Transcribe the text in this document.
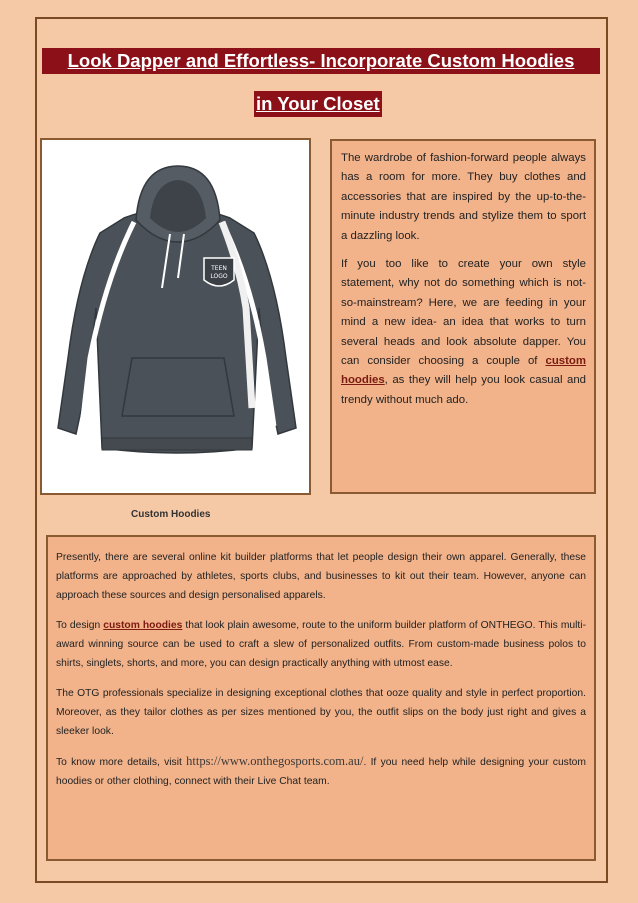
Look Dapper and Effortless- Incorporate Custom Hoodies
in Your Closet
TEEN
LOGO
Custom Hoodies

The wardrobe of fashion-forward people always has a room for more. They buy clothes and accessories that are inspired by the up-to-the-minute industry trends and stylize them to sport a dazzling look.

If you too like to create your own style statement, why not do something which is not-so-mainstream? Here, we are feeding in your mind a new idea- an idea that works to turn several heads and look absolute dapper. You can consider choosing a couple of custom hoodies, as they will help you look casual and trendy without much ado.

Presently, there are several online kit builder platforms that let people design their own apparel. Generally, these platforms are approached by athletes, sports clubs, and businesses to kit out their team. However, anyone can approach these sources and design personalised apparels.

To design custom hoodies that look plain awesome, route to the uniform builder platform of ONTHEGO. This multi-award winning source can be used to craft a slew of personalized outfits. From custom-made business polos to shirts, singlets, shorts, and more, you can design practically anything with utmost ease.

The OTG professionals specialize in designing exceptional clothes that ooze quality and style in perfect proportion. Moreover, as they tailor clothes as per sizes mentioned by you, the outfit slips on the body just right and gives a sleeker look.

To know more details, visit https://www.onthegosports.com.au/. If you need help while designing your custom hoodies or other clothing, connect with their Live Chat team.
